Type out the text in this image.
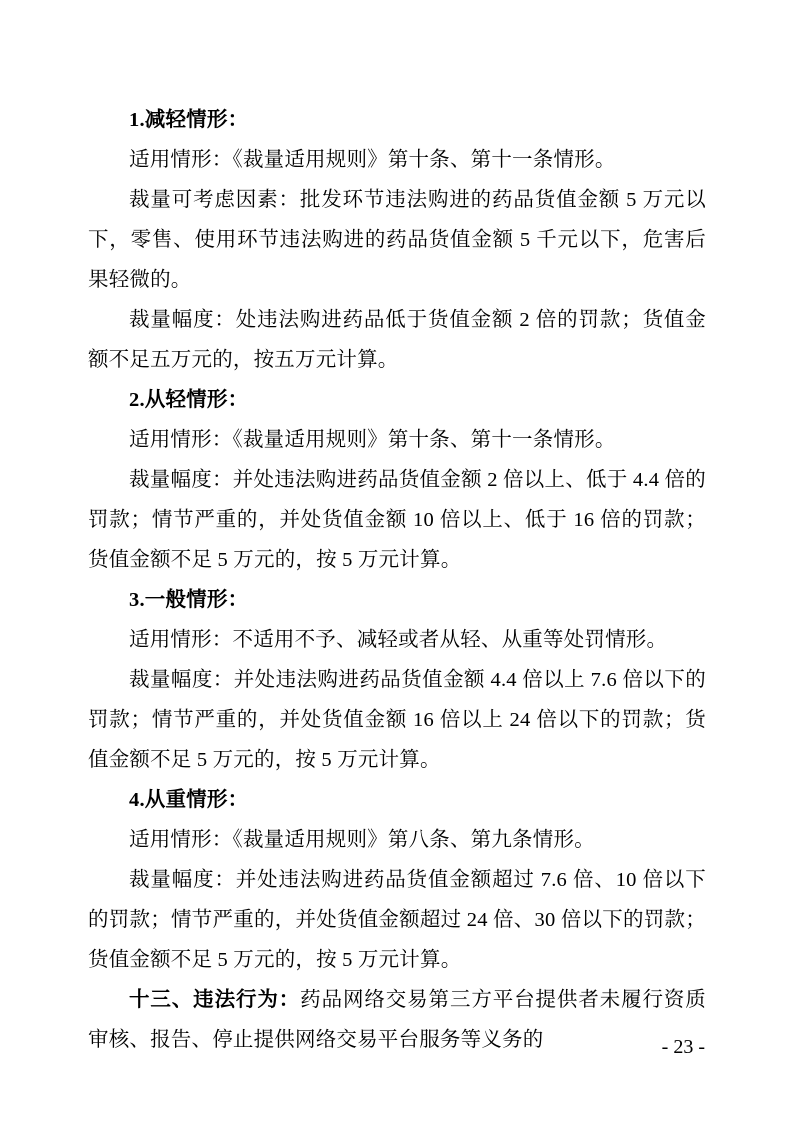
1.减轻情形：

适用情形：《裁量适用规则》第十条、第十一条情形。

裁量可考虑因素：批发环节违法购进的药品货值金额 5 万元以下，零售、使用环节违法购进的药品货值金额 5 千元以下，危害后果轻微的。

裁量幅度：处违法购进药品低于货值金额 2 倍的罚款；货值金额不足五万元的，按五万元计算。

2.从轻情形：

适用情形：《裁量适用规则》第十条、第十一条情形。

裁量幅度：并处违法购进药品货值金额 2 倍以上、低于 4.4 倍的罚款；情节严重的，并处货值金额 10 倍以上、低于 16 倍的罚款；货值金额不足 5 万元的，按 5 万元计算。

3.一般情形：

适用情形：不适用不予、减轻或者从轻、从重等处罚情形。

裁量幅度：并处违法购进药品货值金额 4.4 倍以上 7.6 倍以下的罚款；情节严重的，并处货值金额 16 倍以上 24 倍以下的罚款；货值金额不足 5 万元的，按 5 万元计算。

4.从重情形：

适用情形：《裁量适用规则》第八条、第九条情形。

裁量幅度：并处违法购进药品货值金额超过 7.6 倍、10 倍以下的罚款；情节严重的，并处货值金额超过 24 倍、30 倍以下的罚款；货值金额不足 5 万元的，按 5 万元计算。

十三、违法行为：药品网络交易第三方平台提供者未履行资质审核、报告、停止提供网络交易平台服务等义务的	- 23 -
